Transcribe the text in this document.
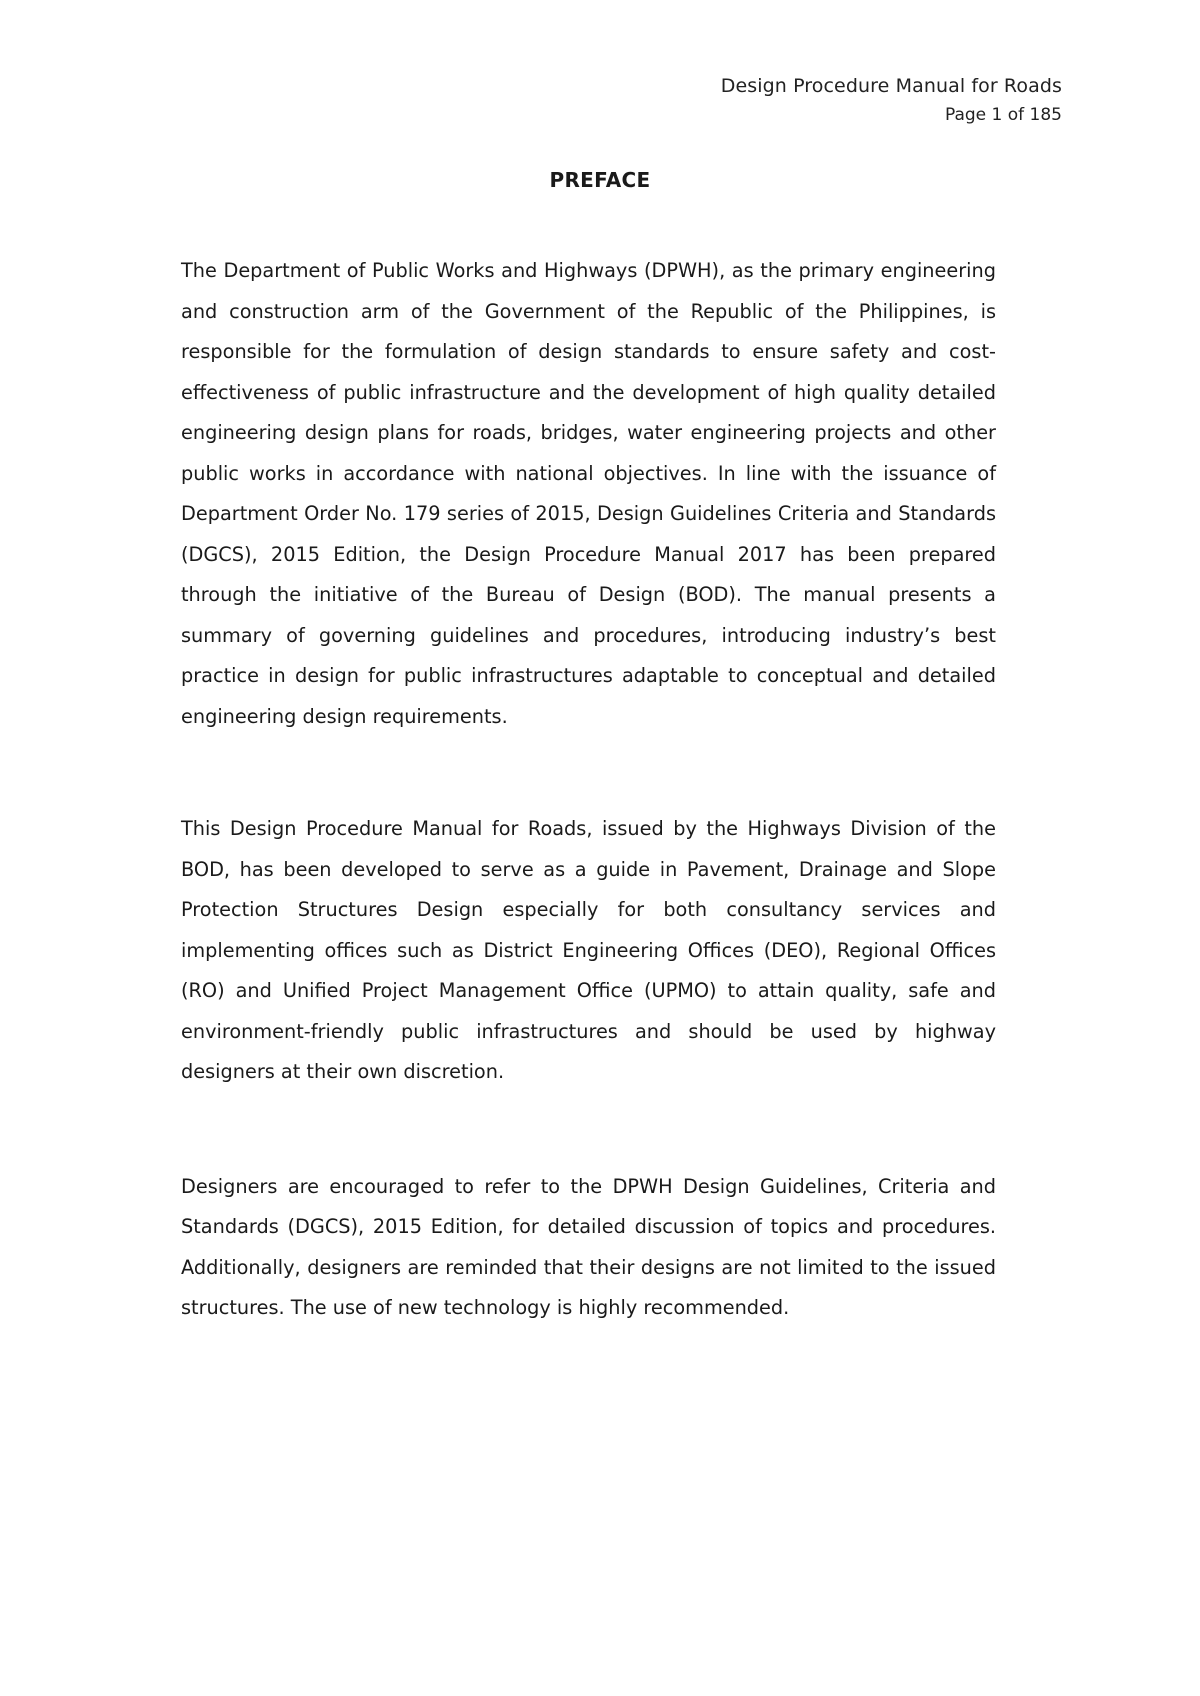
Design Procedure Manual for Roads
Page 1 of 185
PREFACE

The Department of Public Works and Highways (DPWH), as the primary engineering and construction arm of the Government of the Republic of the Philippines, is responsible for the formulation of design standards to ensure safety and cost-effectiveness of public infrastructure and the development of high quality detailed engineering design plans for roads, bridges, water engineering projects and other public works in accordance with national objectives. In line with the issuance of Department Order No. 179 series of 2015, Design Guidelines Criteria and Standards (DGCS), 2015 Edition, the Design Procedure Manual 2017 has been prepared through the initiative of the Bureau of Design (BOD). The manual presents a summary of governing guidelines and procedures, introducing industry’s best practice in design for public infrastructures adaptable to conceptual and detailed engineering design requirements.

This Design Procedure Manual for Roads, issued by the Highways Division of the BOD, has been developed to serve as a guide in Pavement, Drainage and Slope Protection Structures Design especially for both consultancy services and implementing offices such as District Engineering Offices (DEO), Regional Offices (RO) and Unified Project Management Office (UPMO) to attain quality, safe and environment-friendly public infrastructures and should be used by highway designers at their own discretion.

Designers are encouraged to refer to the DPWH Design Guidelines, Criteria and Standards (DGCS), 2015 Edition, for detailed discussion of topics and procedures. Additionally, designers are reminded that their designs are not limited to the issued structures. The use of new technology is highly recommended.
